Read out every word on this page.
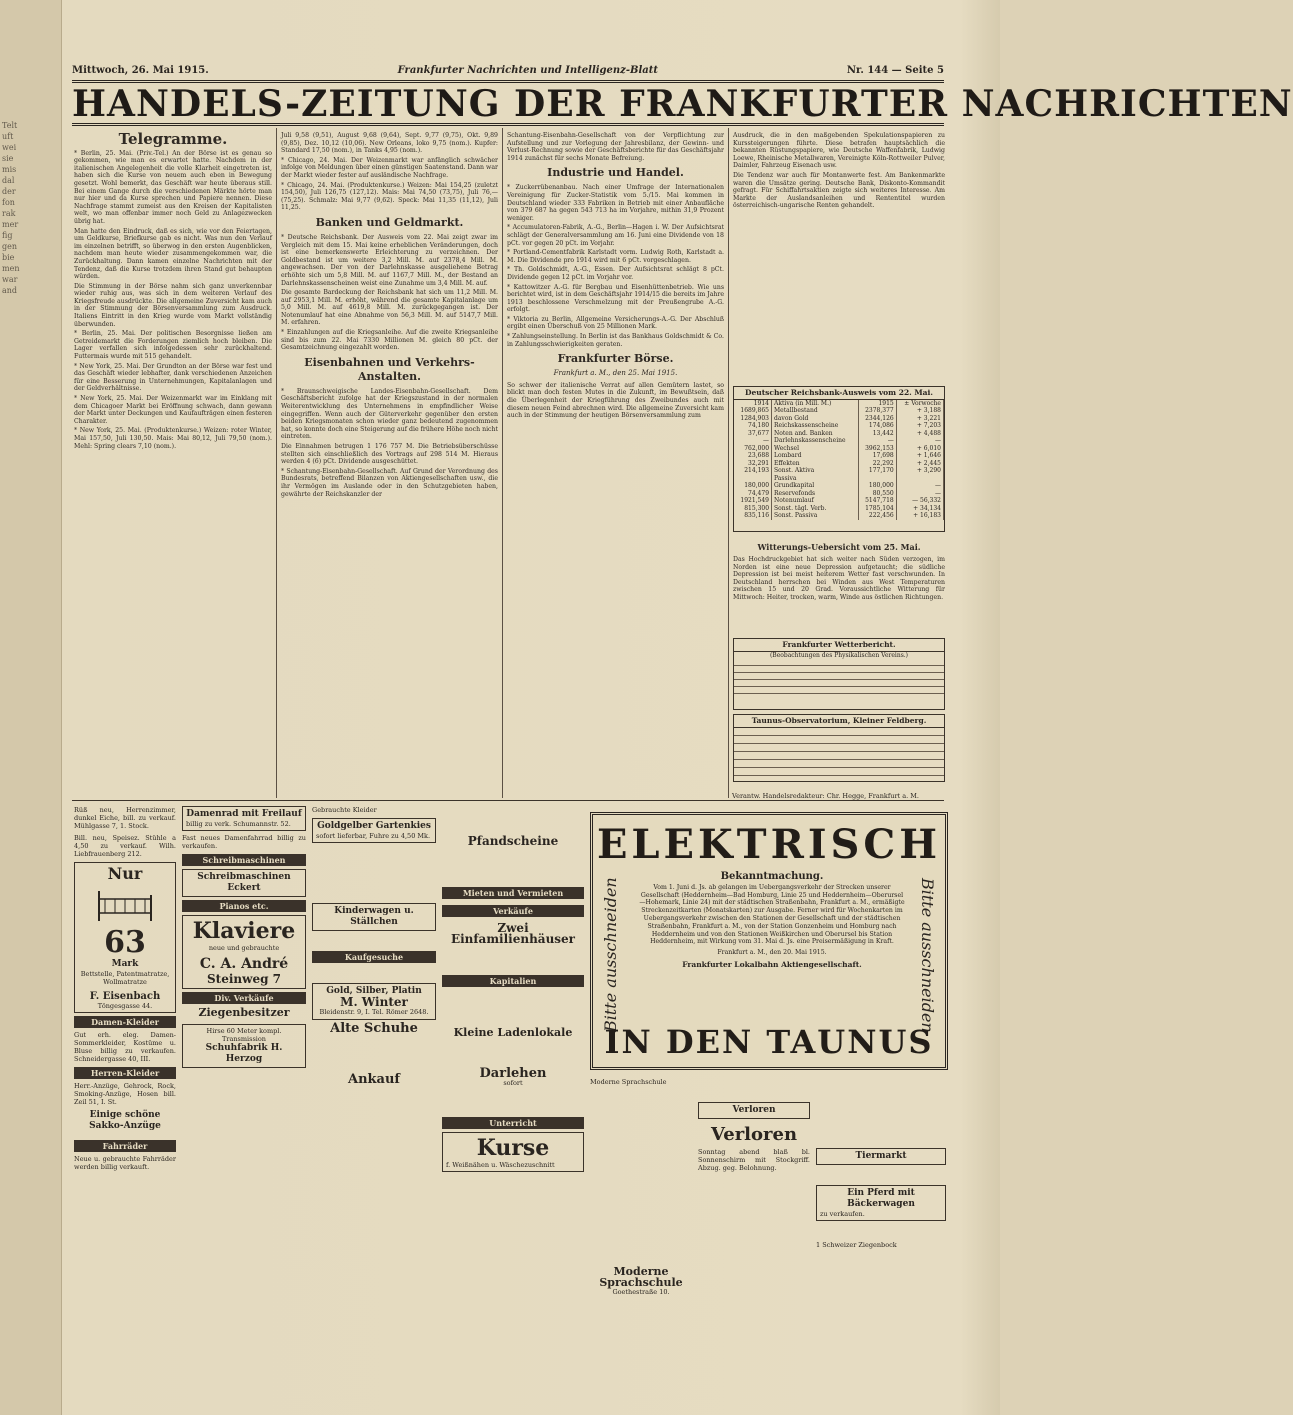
Telt
uft
wei
sie
mis
dal
der
fon
rak
mer
fig
gen
bie
men
war
and
Mittwoch, 26. Mai 1915.	Frankfurter Nachrichten und Intelligenz-Blatt	Nr. 144 — Seite 5
HANDELS-ZEITUNG DER FRANKFURTER NACHRICHTEN
Telegramme.

* Berlin, 25. Mai. (Priv.-Tel.) An der Börse ist es genau so gekommen, wie man es erwartet hatte. Nachdem in der italienischen Angelegenheit die volle Klarheit eingetreten ist, haben sich die Kurse von neuem auch eben in Bewegung gesetzt. Wohl bemerkt, das Geschäft war heute überaus still. Bei einem Gange durch die verschiedenen Märkte hörte man nur hier und da Kurse sprechen und Papiere nennen. Diese Nachfrage stammt zumeist aus den Kreisen der Kapitalisten welt, wo man offenbar immer noch Geld zu Anlagezwecken übrig hat.

Man hatte den Eindruck, daß es sich, wie vor den Feiertagen, um Geldkurse, Briefkurse gab es nicht. Was nun den Verlauf im einzelnen betrifft, so überwog in den ersten Augenblicken, nachdem man heute wieder zusammengekommen war, die Zurückhaltung. Dann kamen einzelne Nachrichten mit der Tendenz, daß die Kurse trotzdem ihren Stand gut behaupten würden.

Die Stimmung in der Börse nahm sich ganz unverkennbar wieder ruhig aus, was sich in dem weiteren Verlauf des Kriegsfreude ausdrückte. Die allgemeine Zuversicht kam auch in der Stimmung der Börsenversammlung zum Ausdruck. Italiens Eintritt in den Krieg wurde vom Markt vollständig überwunden.

* Berlin, 25. Mai. Der politischen Besorgnisse ließen am Getreidemarkt die Forderungen ziemlich hoch bleiben. Die Lager verfallen sich infolgedessen sehr zurückhaltend. Futtermais wurde mit 515 gehandelt.

* New York, 25. Mai. Der Grundton an der Börse war fest und das Geschäft wieder lebhafter, dank verschiedenen Anzeichen für eine Besserung in Unternehmungen, Kapitalanlagen und der Geldverhältnisse.

* New York, 25. Mai. Der Weizenmarkt war im Einklang mit dem Chicagoer Markt bei Eröffnung schwach, dann gewann der Markt unter Deckungen und Kaufaufträgen einen festeren Charakter.

* New York, 25. Mai. (Produktenkurse.) Weizen: roter Winter, Mai 157,50, Juli 130,50. Mais: Mai 80,12, Juli 79,50 (nom.). Mehl: Spring clears 7,10 (nom.).

Juli 9,58 (9,51), August 9,68 (9,64), Sept. 9,77 (9,75), Okt. 9,89 (9,85), Dez. 10,12 (10,06). New Orleans, loko 9,75 (nom.). Kupfer: Standard 17,50 (nom.), in Tanks 4,95 (nom.).

* Chicago, 24. Mai. Der Weizenmarkt war anfänglich schwächer infolge von Meldungen über einen günstigen Saatenstand. Dann war der Markt wieder fester auf ausländische Nachfrage.

* Chicago, 24. Mai. (Produktenkurse.) Weizen: Mai 154,25 (zuletzt 154,50), Juli 126,75 (127,12). Mais: Mai 74,50 (73,75), Juli 76,— (75,25). Schmalz: Mai 9,77 (9,62). Speck: Mai 11,35 (11,12), Juli 11,25.

Banken und Geldmarkt.

* Deutsche Reichsbank. Der Ausweis vom 22. Mai zeigt zwar im Vergleich mit dem 15. Mai keine erheblichen Veränderungen, doch ist eine bemerkenswerte Erleichterung zu verzeichnen. Der Goldbestand ist um weitere 3,2 Mill. M. auf 2378,4 Mill. M. angewachsen. Der von der Darlehnskasse ausgeliehene Betrag erhöhte sich um 5,8 Mill. M. auf 1167,7 Mill. M., der Bestand an Darlehnskassenscheinen weist eine Zunahme um 3,4 Mill. M. auf.

Die gesamte Bardeckung der Reichsbank hat sich um 11,2 Mill. M. auf 2953,1 Mill. M. erhöht, während die gesamte Kapitalanlage um 5,0 Mill. M. auf 4619,8 Mill. M. zurückgegangen ist. Der Notenumlauf hat eine Abnahme von 56,3 Mill. M. auf 5147,7 Mill. M. erfahren.

* Einzahlungen auf die Kriegsanleihe. Auf die zweite Kriegsanleihe sind bis zum 22. Mai 7330 Millionen M. gleich 80 pCt. der Gesamtzeichnung eingezahlt worden.

Eisenbahnen und Verkehrs-Anstalten.

* Braunschweigische Landes-Eisenbahn-Gesellschaft. Dem Geschäftsbericht zufolge hat der Kriegszustand in der normalen Weiterentwicklung des Unternehmens in empfindlicher Weise eingegriffen. Wenn auch der Güterverkehr gegenüber den ersten beiden Kriegsmonaten schon wieder ganz bedeutend zugenommen hat, so konnte doch eine Steigerung auf die frühere Höhe noch nicht eintreten.

Die Einnahmen betrugen 1 176 757 M. Die Betriebsüberschüsse stellten sich einschließlich des Vortrags auf 298 514 M. Hieraus werden 4 (6) pCt. Dividende ausgeschüttet.

* Schantung-Eisenbahn-Gesellschaft. Auf Grund der Verordnung des Bundesrats, betreffend Bilanzen von Aktiengesellschaften usw., die ihr Vermögen im Auslande oder in den Schutzgebieten haben, gewährte der Reichskanzler der

Schantung-Eisenbahn-Gesellschaft von der Verpflichtung zur Aufstellung und zur Vorlegung der Jahresbilanz, der Gewinn- und Verlust-Rechnung sowie der Geschäftsberichte für das Geschäftsjahr 1914 zunächst für sechs Monate Befreiung.

Industrie und Handel.

* Zuckerrübenanbau. Nach einer Umfrage der Internationalen Vereinigung für Zucker-Statistik vom 5./15. Mai kommen in Deutschland wieder 333 Fabriken in Betrieb mit einer Anbaufläche von 379 687 ha gegen 543 713 ha im Vorjahre, mithin 31,9 Prozent weniger.

* Accumulatoren-Fabrik, A.-G., Berlin—Hagen i. W. Der Aufsichtsrat schlägt der Generalversammlung am 16. Juni eine Dividende von 18 pCt. vor gegen 20 pCt. im Vorjahr.

* Portland-Cementfabrik Karlstadt vorm. Ludwig Roth, Karlstadt a. M. Die Dividende pro 1914 wird mit 6 pCt. vorgeschlagen.

* Th. Goldschmidt, A.-G., Essen. Der Aufsichtsrat schlägt 8 pCt. Dividende gegen 12 pCt. im Vorjahr vor.

* Kattowitzer A.-G. für Bergbau und Eisenhüttenbetrieb. Wie uns berichtet wird, ist in dem Geschäftsjahr 1914/15 die bereits im Jahre 1913 beschlossene Verschmelzung mit der Preußengrube A.-G. erfolgt.

* Viktoria zu Berlin, Allgemeine Versicherungs-A.-G. Der Abschluß ergibt einen Überschuß von 25 Millionen Mark.

* Zahlungseinstellung. In Berlin ist das Bankhaus Goldschmidt & Co. in Zahlungsschwierigkeiten geraten.

Frankfurter Börse.
Frankfurt a. M., den 25. Mai 1915.

So schwer der italienische Verrat auf allen Gemütern lastet, so blickt man doch festen Mutes in die Zukunft, im Bewußtsein, daß die Überlegenheit der Kriegführung des Zweibundes auch mit diesem neuen Feind abrechnen wird. Die allgemeine Zuversicht kam auch in der Stimmung der heutigen Börsenversammlung zum

Ausdruck, die in den maßgebenden Spekulationspapieren zu Kurssteigerungen führte. Diese betrafen hauptsächlich die bekannten Rüstungspapiere, wie Deutsche Waffenfabrik, Ludwig Loewe, Rheinische Metallwaren, Vereinigte Köln-Rottweiler Pulver, Daimler, Fahrzeug Eisenach usw.

Die Tendenz war auch für Montanwerte fest. Am Bankenmarkte waren die Umsätze gering. Deutsche Bank, Diskonto-Kommandit gefragt. Für Schiffahrtsaktien zeigte sich weiteres Interesse. Am Markte der Auslandsanleihen und Rententitel wurden österreichisch-ungarische Renten gehandelt.

Deutscher Reichsbank-Ausweis vom 22. Mai.
1914	Aktiva (in Mill. M.)	1915	± Vorwoche
1689,865	Metallbestand	2378,377	+ 3,188
1284,903	davon Gold	2344,126	+ 3,221
74,180	Reichskassenscheine	174,086	+ 7,203
37,677	Noten and. Banken	13,442	+ 4,488
—	Darlehnskassenscheine	—	—
762,000	Wechsel	3962,153	+ 6,010
23,688	Lombard	17,698	+ 1,646
32,291	Effekten	22,292	+ 2,445
214,193	Sonst. Aktiva	177,170	+ 3,290
	Passiva		
180,000	Grundkapital	180,000	—
74,479	Reservefonds	80,550	—
1921,549	Notenumlauf	5147,718	— 56,332
815,300	Sonst. tägl. Verb.	1785,104	+ 34,134
835,116	Sonst. Passiva	222,456	+ 16,183
Witterungs-Uebersicht vom 25. Mai.

Das Hochdruckgebiet hat sich weiter nach Süden verzogen, im Norden ist eine neue Depression aufgetaucht; die südliche Depression ist bei meist heiterem Wetter fast verschwunden. In Deutschland herrschen bei Winden aus West Temperaturen zwischen 15 und 20 Grad. Voraussichtliche Witterung für Mittwoch: Heiter, trocken, warm, Winde aus östlichen Richtungen.

Frankfurter Wetterbericht.
(Beobachtungen des Physikalischen Vereins.)
Taunus-Observatorium, Kleiner Feldberg.
Verantw. Handelsredakteur: Chr. Hegge, Frankfurt a. M.
Rüß neu, Herrenzimmer, dunkel Eiche, bill. zu verkauf. Mühlgasse 7, 1. Stock.
Bill. neu, Speisez. Stühle a 4,50 zu verkauf. Wilh. Liebfrauenberg 212.
Nur
63
Mark
Bettstelle, Patentmatratze, Wollmatratze
F. Eisenbach
Töngesgasse 44.
Damen-Kleider
Gut erh. eleg. Damen-Sommerkleider, Kostüme u. Bluse billig zu verkaufen. Schneidergasse 40, III.
Herren-Kleider
Herr.-Anzüge, Gehrock, Rock, Smoking-Anzüge, Hosen bill. Zeil 51, I. St.
Einige schöne Sakko-Anzüge
Fahrräder
Neue u. gebrauchte Fahrräder werden billig verkauft.
Damenrad mit Freilauf
billig zu verk. Schumannstr. 52.
Fast neues Damenfahrrad billig zu verkaufen.
Schreibmaschinen
Schreibmaschinen
Eckert
Pianos etc.
Klaviere
neue und gebrauchte
C. A. André
Steinweg 7
Div. Verkäufe
Ziegenbesitzer
Hirse 60 Meter kompl. Transmission
Schuhfabrik H. Herzog
Gebrauchte Kleider
Goldgelber Gartenkies
sofort lieferbar, Fuhre zu 4,50 Mk.
Kinderwagen u. Ställchen
Kaufgesuche
Gold, Silber, Platin
M. Winter
Bleidenstr. 9, I. Tel. Römer 2648.
Alte Schuhe
Ankauf
Pfandscheine
Mieten und Vermieten
Verkäufe
Zwei Einfamilienhäuser
Kapitalien
Kleine Ladenlokale
Darlehen
sofort
Unterricht
Kurse
f. Weißnähen u. Wäschezuschnitt
ELEKTRISCH
Bitte ausschneiden	Bitte ausschneiden
Bekanntmachung.
Vom 1. Juni d. Js. ab gelangen im Uebergangsverkehr der Strecken unserer Gesellschaft (Heddernheim—Bad Homburg, Linie 25 und Heddernheim—Oberursel—Hohemark, Linie 24) mit der städtischen Straßenbahn, Frankfurt a. M., ermäßigte Streckenzeitkarten (Monatskarten) zur Ausgabe. Ferner wird für Wochenkarten im Uebergangsverkehr zwischen den Stationen der Gesellschaft und der städtischen Straßenbahn, Frankfurt a. M., von der Station Gonzenheim und Homburg nach Heddernheim und von den Stationen Weißkirchen und Oberursel bis Station Heddernheim, mit Wirkung vom 31. Mai d. Js. eine Preisermäßigung in Kraft.
Frankfurt a. M., den 20. Mai 1915.
Frankfurter Lokalbahn Aktiengesellschaft.
IN DEN TAUNUS
Moderne Sprachschule
Moderne Sprachschule
Goethestraße 10.
Verloren
Verloren
Sonntag abend blaß bl. Sonnenschirm mit Stockgriff. Abzug. geg. Belohnung.
Tiermarkt
Ein Pferd mit Bäckerwagen
zu verkaufen.
1 Schweizer Ziegenbock
